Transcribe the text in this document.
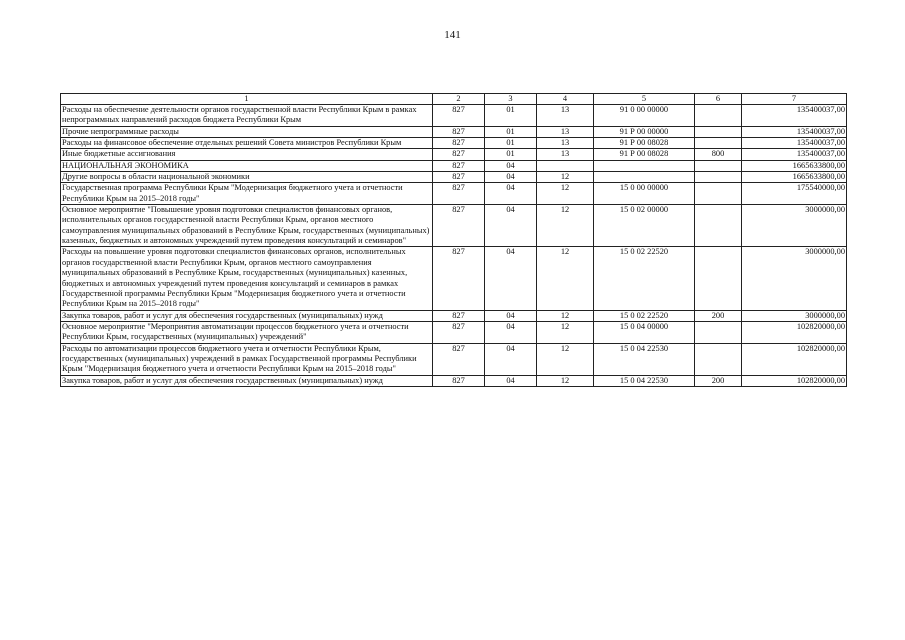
141
1	2	3	4	5	6	7
Расходы на обеспечение деятельности органов государственной власти Республики Крым в рамках непрограммных направлений расходов бюджета Республики Крым	827	01	13	91 0 00 00000		135400037,00
Прочие непрограммные расходы	827	01	13	91 Р 00 00000		135400037,00
Расходы на финансовое обеспечение отдельных решений Совета министров Республики Крым	827	01	13	91 Р 00 08028		135400037,00
Иные бюджетные ассигнования	827	01	13	91 Р 00 08028	800	135400037,00
НАЦИОНАЛЬНАЯ ЭКОНОМИКА	827	04				1665633800,00
Другие вопросы в области национальной экономики	827	04	12			1665633800,00
Государственная программа Республики Крым "Модернизация бюджетного учета и отчетности Республики Крым на 2015–2018 годы"	827	04	12	15 0 00 00000		175540000,00
Основное мероприятие "Повышение уровня подготовки специалистов финансовых органов, исполнительных органов государственной власти Республики Крым, органов местного самоуправления муниципальных образований в Республике Крым, государственных (муниципальных) казенных, бюджетных и автономных учреждений путем проведения консультаций и семинаров"	827	04	12	15 0 02 00000		3000000,00
Расходы на повышение уровня подготовки специалистов финансовых органов, исполнительных органов государственной власти Республики Крым, органов местного самоуправления муниципальных образований в Республике Крым, государственных (муниципальных) казенных, бюджетных и автономных учреждений путем проведения консультаций и семинаров в рамках Государственной программы Республики Крым "Модернизация бюджетного учета и отчетности Республики Крым на 2015–2018 годы"	827	04	12	15 0 02 22520		3000000,00
Закупка товаров, работ и услуг для обеспечения государственных (муниципальных) нужд	827	04	12	15 0 02 22520	200	3000000,00
Основное мероприятие "Мероприятия автоматизации процессов бюджетного учета и отчетности Республики Крым, государственных (муниципальных) учреждений"	827	04	12	15 0 04 00000		102820000,00
Расходы по автоматизации процессов бюджетного учета и отчетности Республики Крым, государственных (муниципальных) учреждений в рамках Государственной программы Республики Крым "Модернизация бюджетного учета и отчетности Республики Крым на 2015–2018 годы"	827	04	12	15 0 04 22530		102820000,00
Закупка товаров, работ и услуг для обеспечения государственных (муниципальных) нужд	827	04	12	15 0 04 22530	200	102820000,00
